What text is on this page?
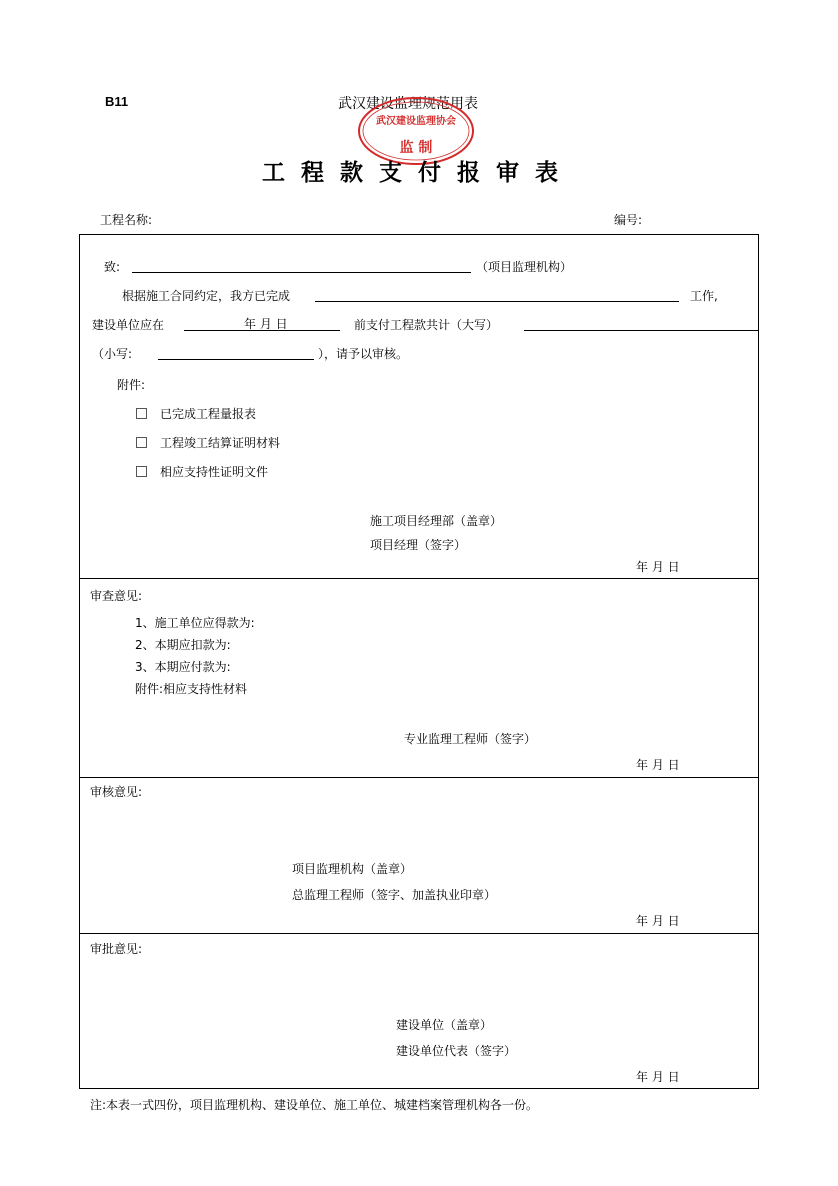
B11	武汉建设监理规范用表
武汉建设监理协会
监 制
工程款支付报审表
工程名称:	编号:
致:	（项目监理机构）
根据施工合同约定，我方已完成	工作,
建设单位应在	年 月 日	前支付工程款共计（大写）
（小写:	），请予以审核。
附件:
已完成工程量报表
工程竣工结算证明材料
相应支持性证明文件
施工项目经理部（盖章）
项目经理（签字）
年 月 日
审查意见:
1、施工单位应得款为:
2、本期应扣款为:
3、本期应付款为:
附件:相应支持性材料
专业监理工程师（签字）
年 月 日
审核意见:
项目监理机构（盖章）
总监理工程师（签字、加盖执业印章）
年 月 日
审批意见:
建设单位（盖章）
建设单位代表（签字）
年 月 日
注:本表一式四份，项目监理机构、建设单位、施工单位、城建档案管理机构各一份。
